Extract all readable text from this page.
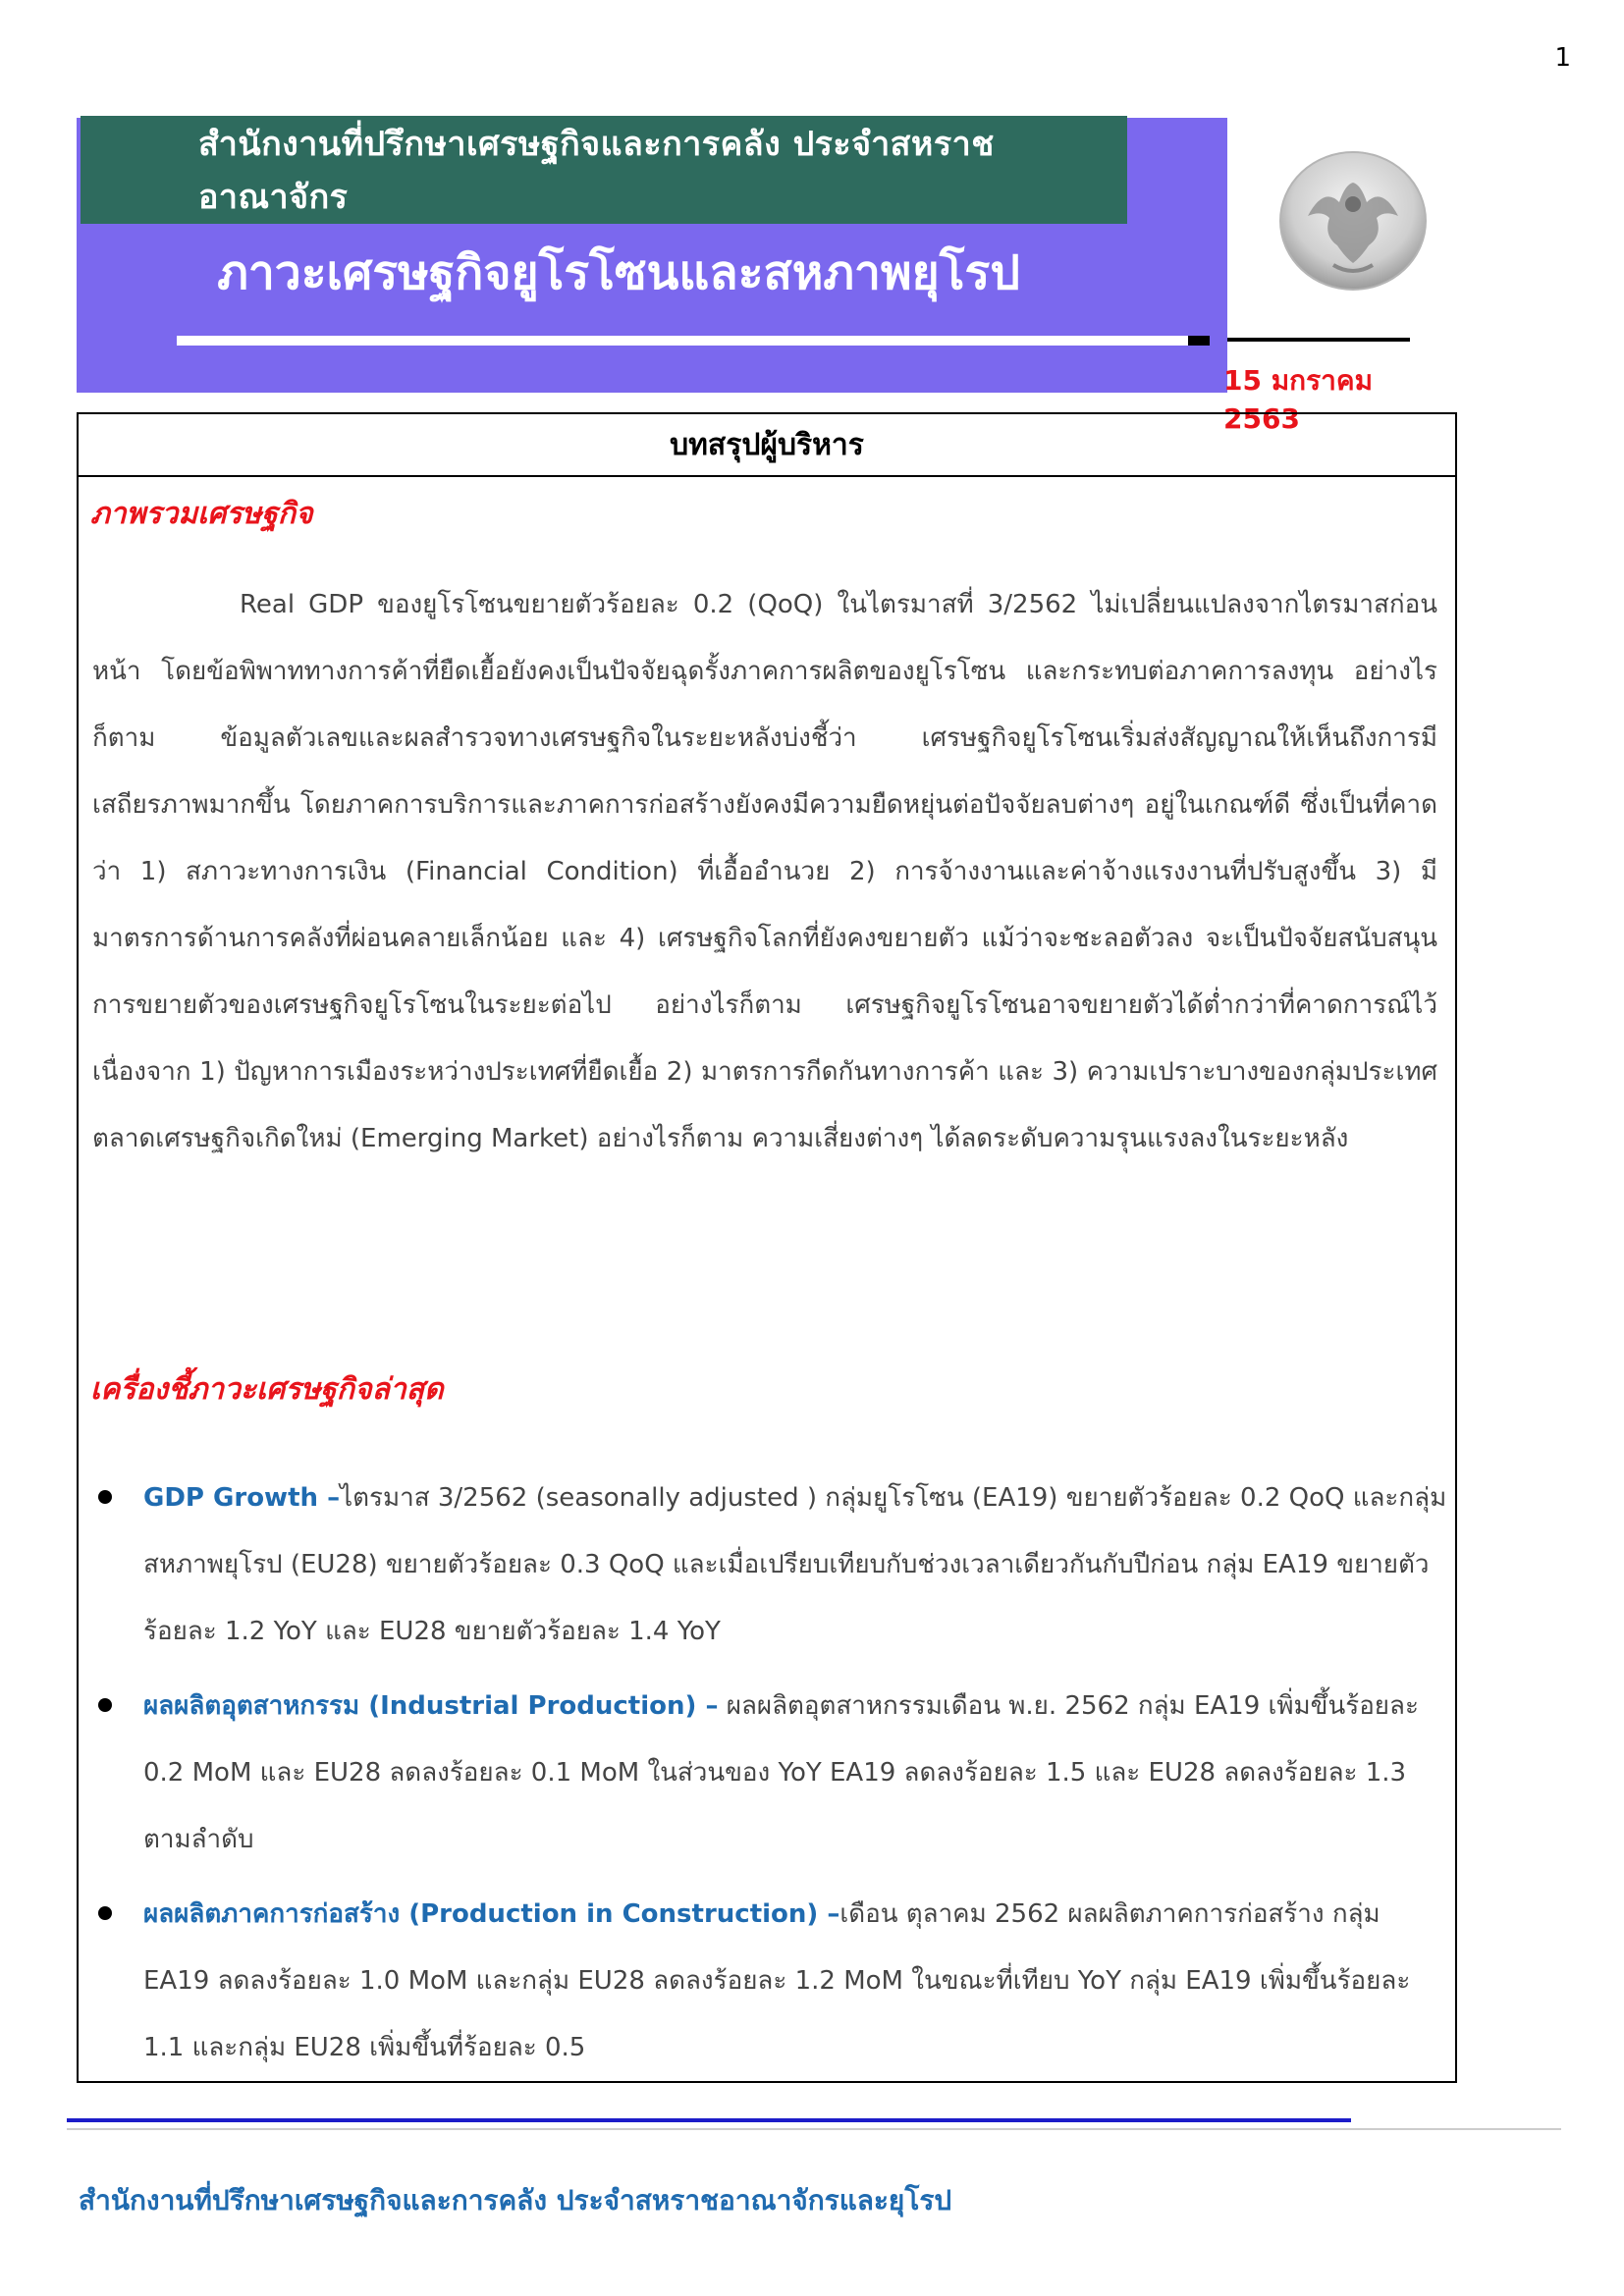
1
สำนักงานที่ปรึกษาเศรษฐกิจและการคลัง ประจำสหราชอาณาจักร
ภาวะเศรษฐกิจยูโรโซนและสหภาพยุโรป
15 มกราคม 2563
บทสรุปผู้บริหาร
ภาพรวมเศรษฐกิจ

Real GDP ของยูโรโซนขยายตัวร้อยละ 0.2 (QoQ) ในไตรมาสที่ 3/2562 ไม่เปลี่ยนแปลงจากไตรมาสก่อนหน้า โดยข้อพิพาททางการค้าที่ยืดเยื้อยังคงเป็นปัจจัยฉุดรั้งภาคการผลิตของยูโรโซน และกระทบต่อภาคการลงทุน อย่างไรก็ตาม ข้อมูลตัวเลขและผลสำรวจทางเศรษฐกิจในระยะหลังบ่งชี้ว่า เศรษฐกิจยูโรโซนเริ่มส่งสัญญาณให้เห็นถึงการมีเสถียรภาพมากขึ้น โดยภาคการบริการและภาคการก่อสร้างยังคงมีความยืดหยุ่นต่อปัจจัยลบต่างๆ อยู่ในเกณฑ์ดี ซึ่งเป็นที่คาดว่า 1) สภาวะทางการเงิน (Financial Condition) ที่เอื้ออำนวย 2) การจ้างงานและค่าจ้างแรงงานที่ปรับสูงขึ้น 3) มีมาตรการด้านการคลังที่ผ่อนคลายเล็กน้อย และ 4) เศรษฐกิจโลกที่ยังคงขยายตัว แม้ว่าจะชะลอตัวลง จะเป็นปัจจัยสนับสนุนการขยายตัวของเศรษฐกิจยูโรโซนในระยะต่อไป อย่างไรก็ตาม เศรษฐกิจยูโรโซนอาจขยายตัวได้ต่ำกว่าที่คาดการณ์ไว้ เนื่องจาก 1) ปัญหาการเมืองระหว่างประเทศที่ยืดเยื้อ 2) มาตรการกีดกันทางการค้า และ 3) ความเปราะบางของกลุ่มประเทศตลาดเศรษฐกิจเกิดใหม่ (Emerging Market) อย่างไรก็ตาม ความเสี่ยงต่างๆ ได้ลดระดับความรุนแรงลงในระยะหลัง

เครื่องชี้ภาวะเศรษฐกิจล่าสุด
GDP Growth –ไตรมาส 3/2562 (seasonally adjusted ) กลุ่มยูโรโซน (EA19) ขยายตัวร้อยละ 0.2 QoQ และกลุ่มสหภาพยุโรป (EU28) ขยายตัวร้อยละ 0.3 QoQ และเมื่อเปรียบเทียบกับช่วงเวลาเดียวกันกับปีก่อน กลุ่ม EA19 ขยายตัวร้อยละ 1.2 YoY และ EU28 ขยายตัวร้อยละ 1.4 YoY
ผลผลิตอุตสาหกรรม (Industrial Production) – ผลผลิตอุตสาหกรรมเดือน พ.ย. 2562 กลุ่ม EA19 เพิ่มขึ้นร้อยละ 0.2 MoM และ EU28 ลดลงร้อยละ 0.1 MoM ในส่วนของ YoY EA19 ลดลงร้อยละ 1.5 และ EU28 ลดลงร้อยละ 1.3 ตามลำดับ
ผลผลิตภาคการก่อสร้าง (Production in Construction) –เดือน ตุลาคม 2562 ผลผลิตภาคการก่อสร้าง กลุ่ม EA19 ลดลงร้อยละ 1.0 MoM และกลุ่ม EU28 ลดลงร้อยละ 1.2 MoM ในขณะที่เทียบ YoY กลุ่ม EA19 เพิ่มขึ้นร้อยละ 1.1 และกลุ่ม EU28 เพิ่มขึ้นที่ร้อยละ 0.5
สำนักงานที่ปรึกษาเศรษฐกิจและการคลัง ประจำสหราชอาณาจักรและยุโรป
